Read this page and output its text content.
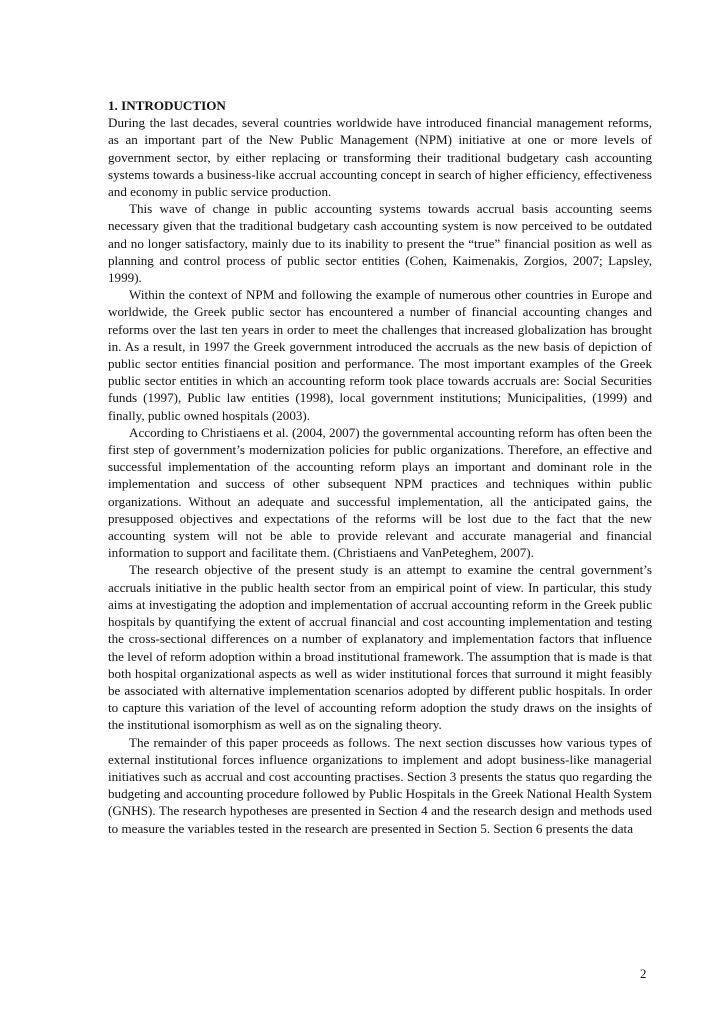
1. INTRODUCTION

During the last decades, several countries worldwide have introduced financial management reforms, as an important part of the New Public Management (NPM) initiative at one or more levels of government sector, by either replacing or transforming their traditional budgetary cash accounting systems towards a business-like accrual accounting concept in search of higher efficiency, effectiveness and economy in public service production.

This wave of change in public accounting systems towards accrual basis accounting seems necessary given that the traditional budgetary cash accounting system is now perceived to be outdated and no longer satisfactory, mainly due to its inability to present the “true” financial position as well as planning and control process of public sector entities (Cohen, Kaimenakis, Zorgios, 2007; Lapsley, 1999).

Within the context of NPM and following the example of numerous other countries in Europe and worldwide, the Greek public sector has encountered a number of financial accounting changes and reforms over the last ten years in order to meet the challenges that increased globalization has brought in. As a result, in 1997 the Greek government introduced the accruals as the new basis of depiction of public sector entities financial position and performance. The most important examples of the Greek public sector entities in which an accounting reform took place towards accruals are: Social Securities funds (1997), Public law entities (1998), local government institutions; Municipalities, (1999) and finally, public owned hospitals (2003).

According to Christiaens et al. (2004, 2007) the governmental accounting reform has often been the first step of government’s modernization policies for public organizations. Therefore, an effective and successful implementation of the accounting reform plays an important and dominant role in the implementation and success of other subsequent NPM practices and techniques within public organizations. Without an adequate and successful implementation, all the anticipated gains, the presupposed objectives and expectations of the reforms will be lost due to the fact that the new accounting system will not be able to provide relevant and accurate managerial and financial information to support and facilitate them. (Christiaens and VanPeteghem, 2007).

The research objective of the present study is an attempt to examine the central government’s accruals initiative in the public health sector from an empirical point of view. In particular, this study aims at investigating the adoption and implementation of accrual accounting reform in the Greek public hospitals by quantifying the extent of accrual financial and cost accounting implementation and testing the cross-sectional differences on a number of explanatory and implementation factors that influence the level of reform adoption within a broad institutional framework. The assumption that is made is that both hospital organizational aspects as well as wider institutional forces that surround it might feasibly be associated with alternative implementation scenarios adopted by different public hospitals. In order to capture this variation of the level of accounting reform adoption the study draws on the insights of the institutional isomorphism as well as on the signaling theory.

The remainder of this paper proceeds as follows. The next section discusses how various types of external institutional forces influence organizations to implement and adopt business-like managerial initiatives such as accrual and cost accounting practises. Section 3 presents the status quo regarding the budgeting and accounting procedure followed by Public Hospitals in the Greek National Health System (GNHS). The research hypotheses are presented in Section 4 and the research design and methods used to measure the variables tested in the research are presented in Section 5. Section 6 presents the data

2
